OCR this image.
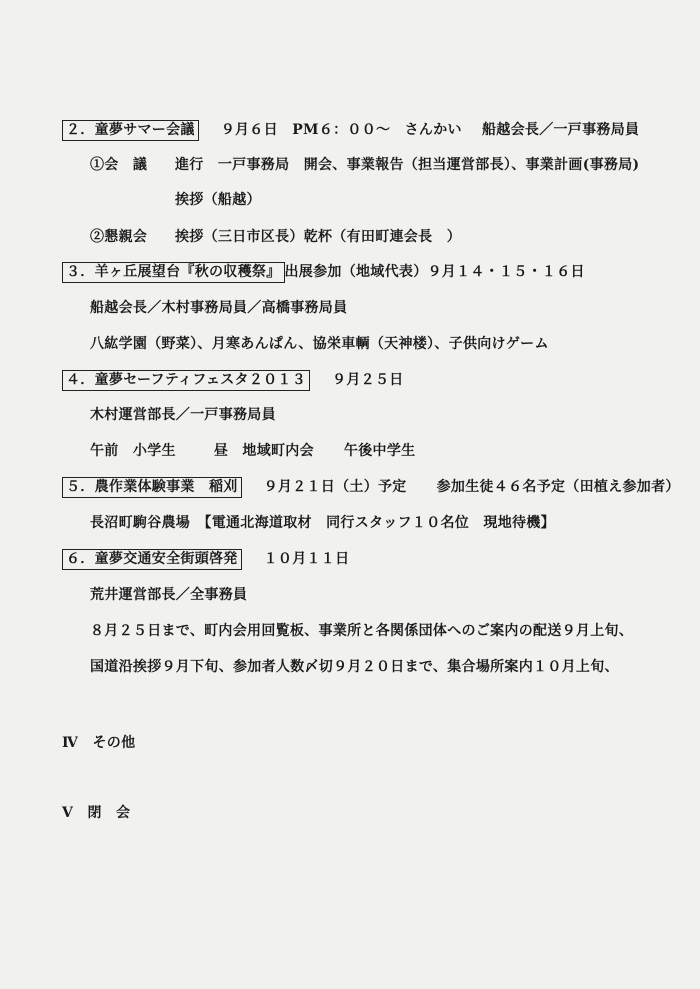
２．童夢サマー会議 ９月６日　PM６：００～　さんかい 船越会長／一戸事務局員
①会　議 進行　一戸事務局　開会、事業報告（担当運営部長）、事業計画(事務局)
挨拶（船越）
②懇親会 挨拶（三日市区長）乾杯（有田町連会長　）
３．羊ヶ丘展望台『秋の収穫祭』 出展参加（地域代表）９月１４・１５・１６日
船越会長／木村事務局員／高橋事務局員
八紘学園（野菜）、月寒あんぱん、協栄車輌（天神楼）、子供向けゲーム
４．童夢セーフティフェスタ２０１３ ９月２５日
木村運営部長／一戸事務局員
午前　小学生	昼　地域町内会 午後中学生
５．農作業体験事業　稲刈 ９月２１日（土）予定 参加生徒４６名予定（田植え参加者）
長沼町駒谷農場　【電通北海道取材　同行スタッフ１０名位　現地待機】
６．童夢交通安全街頭啓発 １０月１１日
荒井運営部長／全事務員
８月２５日まで、町内会用回覧板、事業所と各関係団体へのご案内の配送９月上旬、
国道沿挨拶９月下旬、参加者人数〆切９月２０日まで、集合場所案内１０月上旬、
Ⅳ　その他
Ⅴ　閉　会
